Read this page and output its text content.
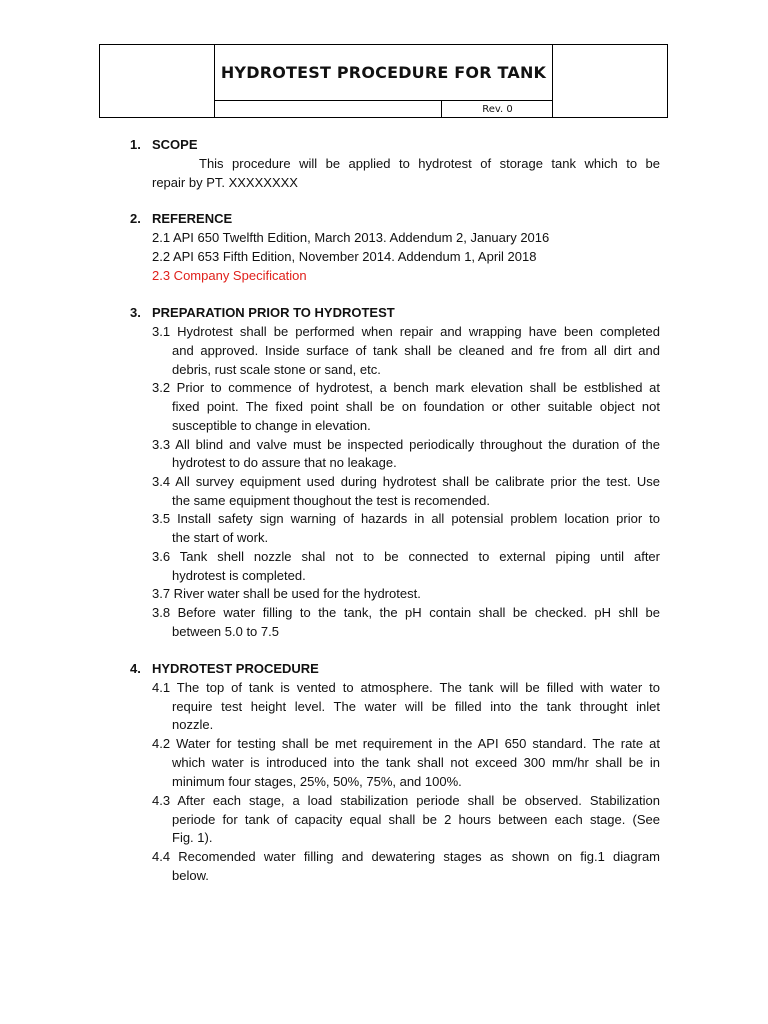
HYDROTEST PROCEDURE FOR TANK
Rev. 0
1. SCOPE
This procedure will be applied to hydrotest of storage tank which to be
repair by PT. XXXXXXXX
2. REFERENCE
2.1 API 650 Twelfth Edition, March 2013. Addendum 2, January 2016
2.2 API 653 Fifth Edition, November 2014. Addendum 1, April 2018
2.3 Company Specification
3. PREPARATION PRIOR TO HYDROTEST
3.1 Hydrotest shall be performed when repair and wrapping have been completed
and approved. Inside surface of tank shall be cleaned and fre from all dirt and
debris, rust scale stone or sand, etc.
3.2 Prior to commence of hydrotest, a bench mark elevation shall be estblished at
fixed point. The fixed point shall be on foundation or other suitable object not
susceptible to change in elevation.
3.3 All blind and valve must be inspected periodically throughout the duration of the
hydrotest to do assure that no leakage.
3.4 All survey equipment used during hydrotest shall be calibrate prior the test. Use
the same equipment thoughout the test is recomended.
3.5 Install safety sign warning of hazards in all potensial problem location prior to
the start of work.
3.6 Tank shell nozzle shal not to be connected to external piping until after
hydrotest is completed.
3.7 River water shall be used for the hydrotest.
3.8 Before water filling to the tank, the pH contain shall be checked. pH shll be
between 5.0 to 7.5
4. HYDROTEST PROCEDURE
4.1 The top of tank is vented to atmosphere. The tank will be filled with water to
require test height level. The water will be filled into the tank throught inlet
nozzle.
4.2 Water for testing shall be met requirement in the API 650 standard. The rate at
which water is introduced into the tank shall not exceed 300 mm/hr shall be in
minimum four stages, 25%, 50%, 75%, and 100%.
4.3 After each stage, a load stabilization periode shall be observed. Stabilization
periode for tank of capacity equal shall be 2 hours between each stage. (See
Fig. 1).
4.4 Recomended water filling and dewatering stages as shown on fig.1 diagram
below.
